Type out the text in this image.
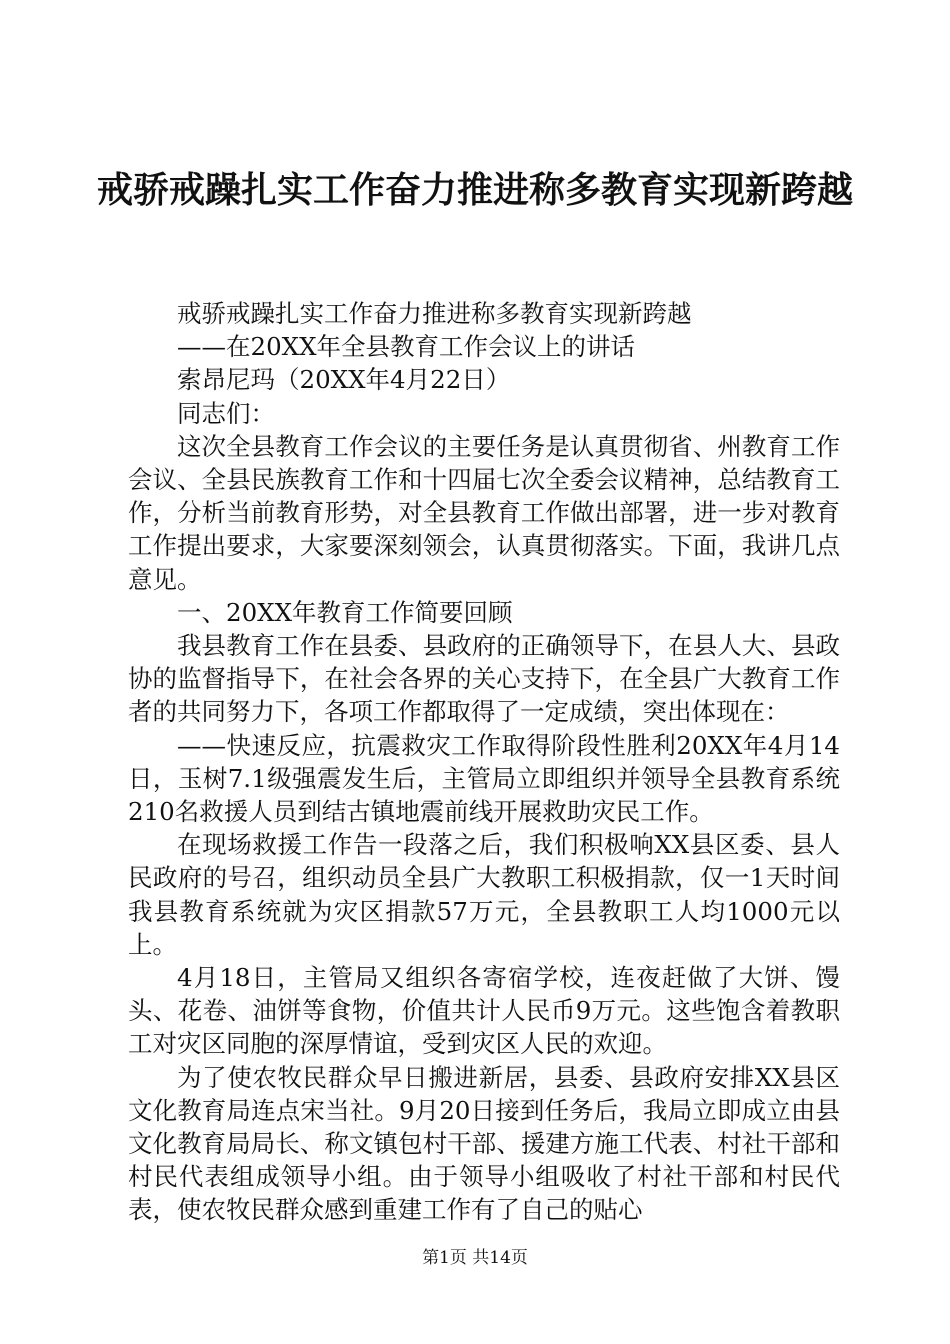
戒骄戒躁扎实工作奋力推进称多教育实现新跨越

戒骄戒躁扎实工作奋力推进称多教育实现新跨越

——在20XX年全县教育工作会议上的讲话

索昂尼玛（20XX年4月22日）

同志们：

这次全县教育工作会议的主要任务是认真贯彻省、州教育工作会议、全县民族教育工作和十四届七次全委会议精神，总结教育工作，分析当前教育形势，对全县教育工作做出部署，进一步对教育工作提出要求，大家要深刻领会，认真贯彻落实。下面，我讲几点意见。

一、20XX年教育工作简要回顾

我县教育工作在县委、县政府的正确领导下，在县人大、县政协的监督指导下，在社会各界的关心支持下，在全县广大教育工作者的共同努力下，各项工作都取得了一定成绩，突出体现在：

——快速反应，抗震救灾工作取得阶段性胜利20XX年4月14日，玉树7.1级强震发生后，主管局立即组织并领导全县教育系统210名救援人员到结古镇地震前线开展救助灾民工作。

在现场救援工作告一段落之后，我们积极响XX县区委、县人民政府的号召，组织动员全县广大教职工积极捐款，仅一1天时间我县教育系统就为灾区捐款57万元，全县教职工人均1000元以上。

4月18日，主管局又组织各寄宿学校，连夜赶做了大饼、馒头、花卷、油饼等食物，价值共计人民币9万元。这些饱含着教职工对灾区同胞的深厚情谊，受到灾区人民的欢迎。

为了使农牧民群众早日搬进新居，县委、县政府安排XX县区文化教育局连点宋当社。9月20日接到任务后，我局立即成立由县文化教育局局长、称文镇包村干部、援建方施工代表、村社干部和村民代表组成领导小组。由于领导小组吸收了村社干部和村民代表，使农牧民群众感到重建工作有了自己的贴心

第1页 共14页
